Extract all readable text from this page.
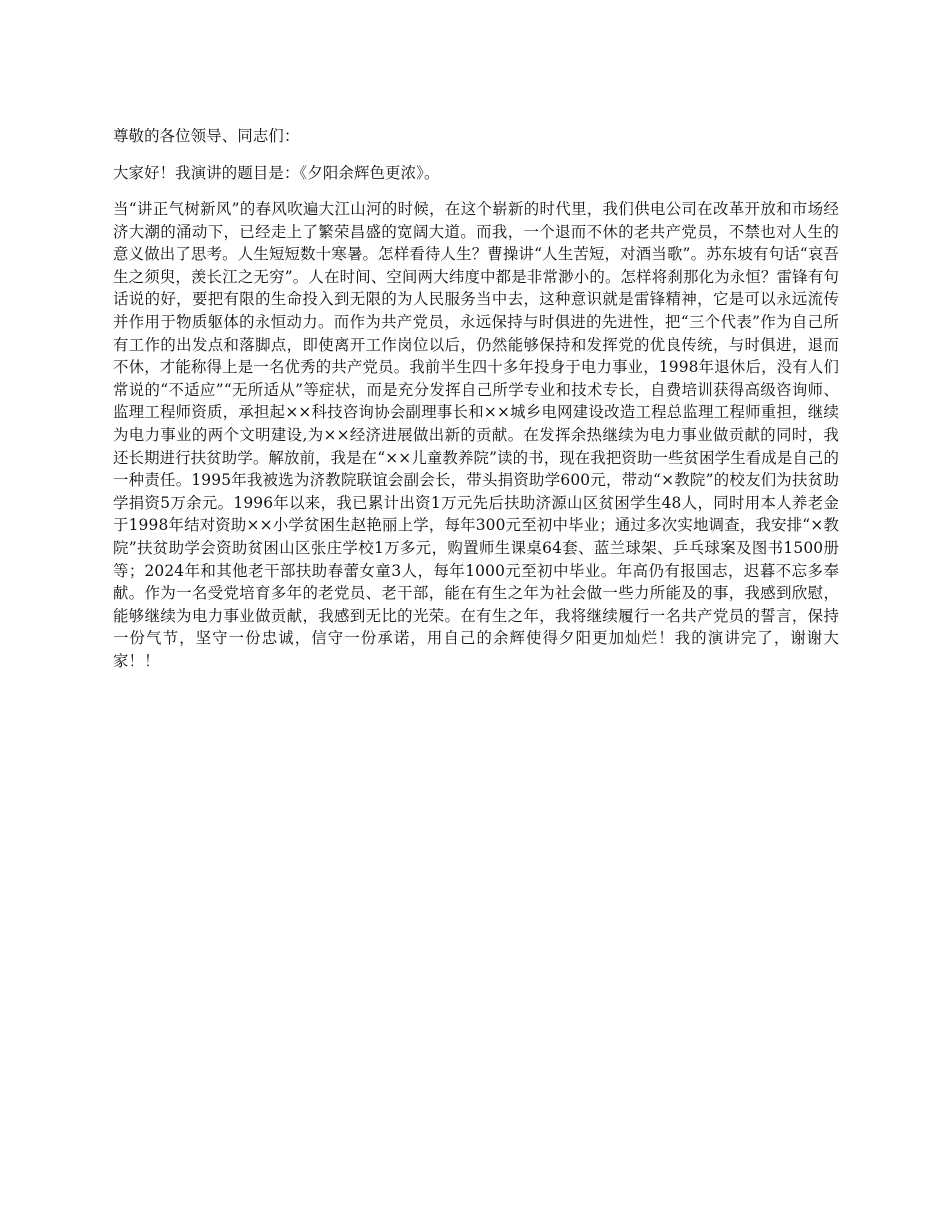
尊敬的各位领导、同志们：

大家好！我演讲的题目是：《夕阳余辉色更浓》。

当“讲正气树新风”的春风吹遍大江山河的时候，在这个崭新的时代里，我们供电公司在改革开放和市场经济大潮的涌动下，已经走上了繁荣昌盛的宽阔大道。而我，一个退而不休的老共产党员，不禁也对人生的意义做出了思考。人生短短数十寒暑。怎样看待人生？曹操讲“人生苦短，对酒当歌”。苏东坡有句话“哀吾生之须臾，羡长江之无穷”。人在时间、空间两大纬度中都是非常渺小的。怎样将刹那化为永恒？雷锋有句话说的好，要把有限的生命投入到无限的为人民服务当中去，这种意识就是雷锋精神，它是可以永远流传并作用于物质躯体的永恒动力。而作为共产党员，永远保持与时俱进的先进性，把“三个代表”作为自己所有工作的出发点和落脚点，即使离开工作岗位以后，仍然能够保持和发挥党的优良传统，与时俱进，退而不休，才能称得上是一名优秀的共产党员。我前半生四十多年投身于电力事业，1998年退休后，没有人们常说的“不适应”“无所适从”等症状，而是充分发挥自己所学专业和技术专长，自费培训获得高级咨询师、监理工程师资质，承担起××科技咨询协会副理事长和××城乡电网建设改造工程总监理工程师重担，继续为电力事业的两个文明建设,为××经济进展做出新的贡献。在发挥余热继续为电力事业做贡献的同时，我还长期进行扶贫助学。解放前，我是在“××儿童教养院”读的书，现在我把资助一些贫困学生看成是自己的一种责任。1995年我被选为济教院联谊会副会长，带头捐资助学600元，带动“×教院”的校友们为扶贫助学捐资5万余元。1996年以来，我已累计出资1万元先后扶助济源山区贫困学生48人，同时用本人养老金于1998年结对资助××小学贫困生赵艳丽上学，每年300元至初中毕业；通过多次实地调查，我安排“×教院”扶贫助学会资助贫困山区张庄学校1万多元，购置师生课桌64套、蓝兰球架、乒乓球案及图书1500册等；2024年和其他老干部扶助春蕾女童3人，每年1000元至初中毕业。年高仍有报国志，迟暮不忘多奉献。作为一名受党培育多年的老党员、老干部，能在有生之年为社会做一些力所能及的事，我感到欣慰，能够继续为电力事业做贡献，我感到无比的光荣。在有生之年，我将继续履行一名共产党员的誓言，保持一份气节，坚守一份忠诚，信守一份承诺，用自己的余辉使得夕阳更加灿烂！我的演讲完了，谢谢大家！！
